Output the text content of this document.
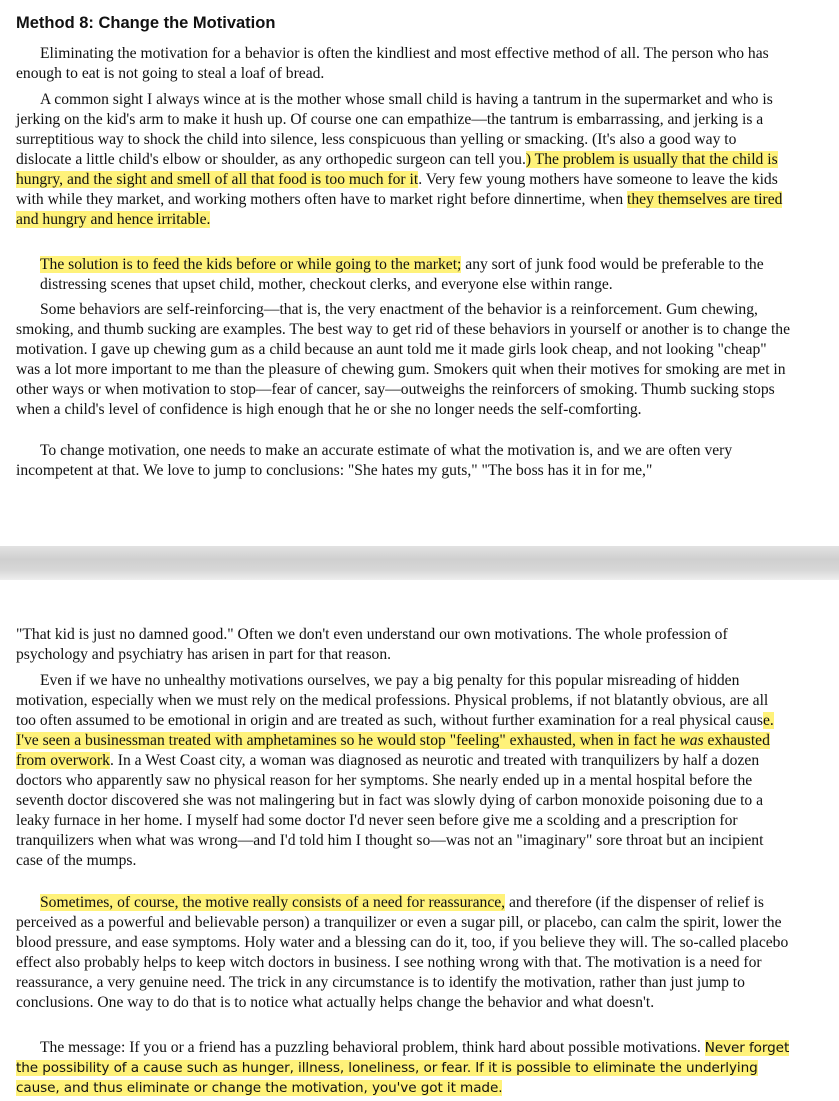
Method 8: Change the Motivation

Eliminating the motivation for a behavior is often the kindliest and most effective method of all. The person who has enough to eat is not going to steal a loaf of bread.

A common sight I always wince at is the mother whose small child is having a tantrum in the supermarket and who is jerking on the kid's arm to make it hush up. Of course one can empathize—the tantrum is embarrassing, and jerking is a surreptitious way to shock the child into silence, less conspicuous than yelling or smacking. (It's also a good way to dislocate a little child's elbow or shoulder, as any orthopedic surgeon can tell you.) The problem is usually that the child is hungry, and the sight and smell of all that food is too much for it. Very few young mothers have someone to leave the kids with while they market, and working mothers often have to market right before dinnertime, when they themselves are tired and hungry and hence irritable.

The solution is to feed the kids before or while going to the market; any sort of junk food would be preferable to the distressing scenes that upset child, mother, checkout clerks, and everyone else within range.

Some behaviors are self-reinforcing—that is, the very enactment of the behavior is a reinforcement. Gum chewing, smoking, and thumb sucking are examples. The best way to get rid of these behaviors in yourself or another is to change the motivation. I gave up chewing gum as a child because an aunt told me it made girls look cheap, and not looking "cheap" was a lot more important to me than the pleasure of chewing gum. Smokers quit when their motives for smoking are met in other ways or when motivation to stop—fear of cancer, say—outweighs the reinforcers of smoking. Thumb sucking stops when a child's level of confidence is high enough that he or she no longer needs the self-comforting.

To change motivation, one needs to make an accurate estimate of what the motivation is, and we are often very incompetent at that. We love to jump to conclusions: "She hates my guts," "The boss has it in for me,"

"That kid is just no damned good." Often we don't even understand our own motivations. The whole profession of psychology and psychiatry has arisen in part for that reason.

Even if we have no unhealthy motivations ourselves, we pay a big penalty for this popular misreading of hidden motivation, especially when we must rely on the medical professions. Physical problems, if not blatantly obvious, are all too often assumed to be emotional in origin and are treated as such, without further examination for a real physical cause. I've seen a businessman treated with amphetamines so he would stop "feeling" exhausted, when in fact he was exhausted from overwork. In a West Coast city, a woman was diagnosed as neurotic and treated with tranquilizers by half a dozen doctors who apparently saw no physical reason for her symptoms. She nearly ended up in a mental hospital before the seventh doctor discovered she was not malingering but in fact was slowly dying of carbon monoxide poisoning due to a leaky furnace in her home. I myself had some doctor I'd never seen before give me a scolding and a prescription for tranquilizers when what was wrong—and I'd told him I thought so—was not an "imaginary" sore throat but an incipient case of the mumps.

Sometimes, of course, the motive really consists of a need for reassurance, and therefore (if the dispenser of relief is perceived as a powerful and believable person) a tranquilizer or even a sugar pill, or placebo, can calm the spirit, lower the blood pressure, and ease symptoms. Holy water and a blessing can do it, too, if you believe they will. The so-called placebo effect also probably helps to keep witch doctors in business. I see nothing wrong with that. The motivation is a need for reassurance, a very genuine need. The trick in any circumstance is to identify the motivation, rather than just jump to conclusions. One way to do that is to notice what actually helps change the behavior and what doesn't.

The message: If you or a friend has a puzzling behavioral problem, think hard about possible motivations. Never forget the possibility of a cause such as hunger, illness, loneliness, or fear. If it is possible to eliminate the underlying cause, and thus eliminate or change the motivation, you've got it made.
